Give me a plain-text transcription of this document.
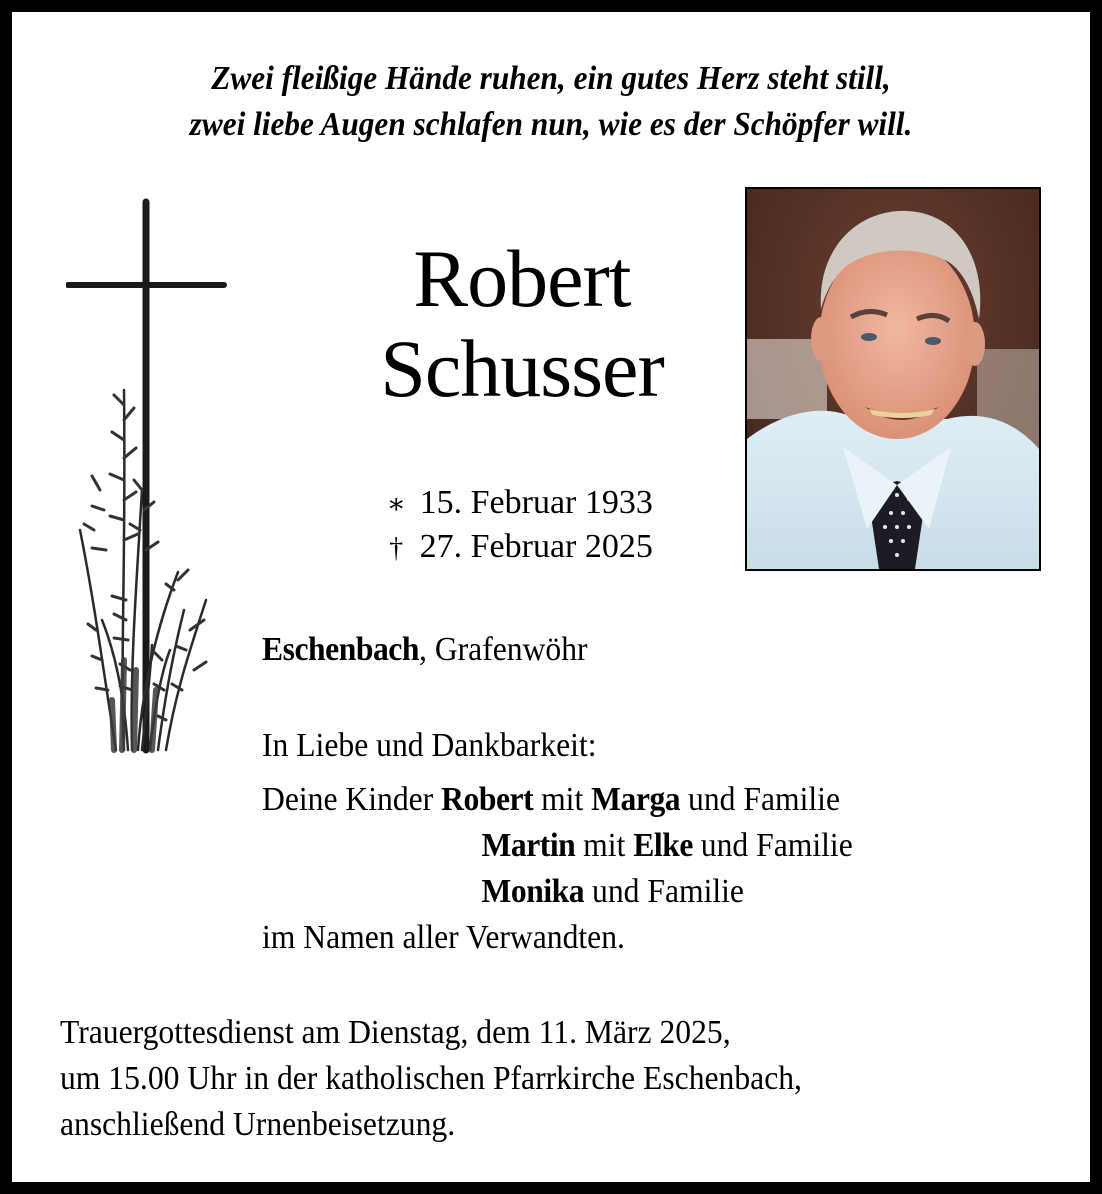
Zwei fleißige Hände ruhen, ein gutes Herz steht still,
zwei liebe Augen schlafen nun, wie es der Schöpfer will.
Robert
Schusser
∗ 15. Februar 1933
† 27. Februar 2025
Eschenbach, Grafenwöhr
In Liebe und Dankbarkeit:
Deine Kinder Robert mit Marga und Familie
Martin mit Elke und Familie
Monika und Familie
im Namen aller Verwandten.
Trauergottesdienst am Dienstag, dem 11. März 2025,
um 15.00 Uhr in der katholischen Pfarrkirche Eschenbach,
anschließend Urnenbeisetzung.
